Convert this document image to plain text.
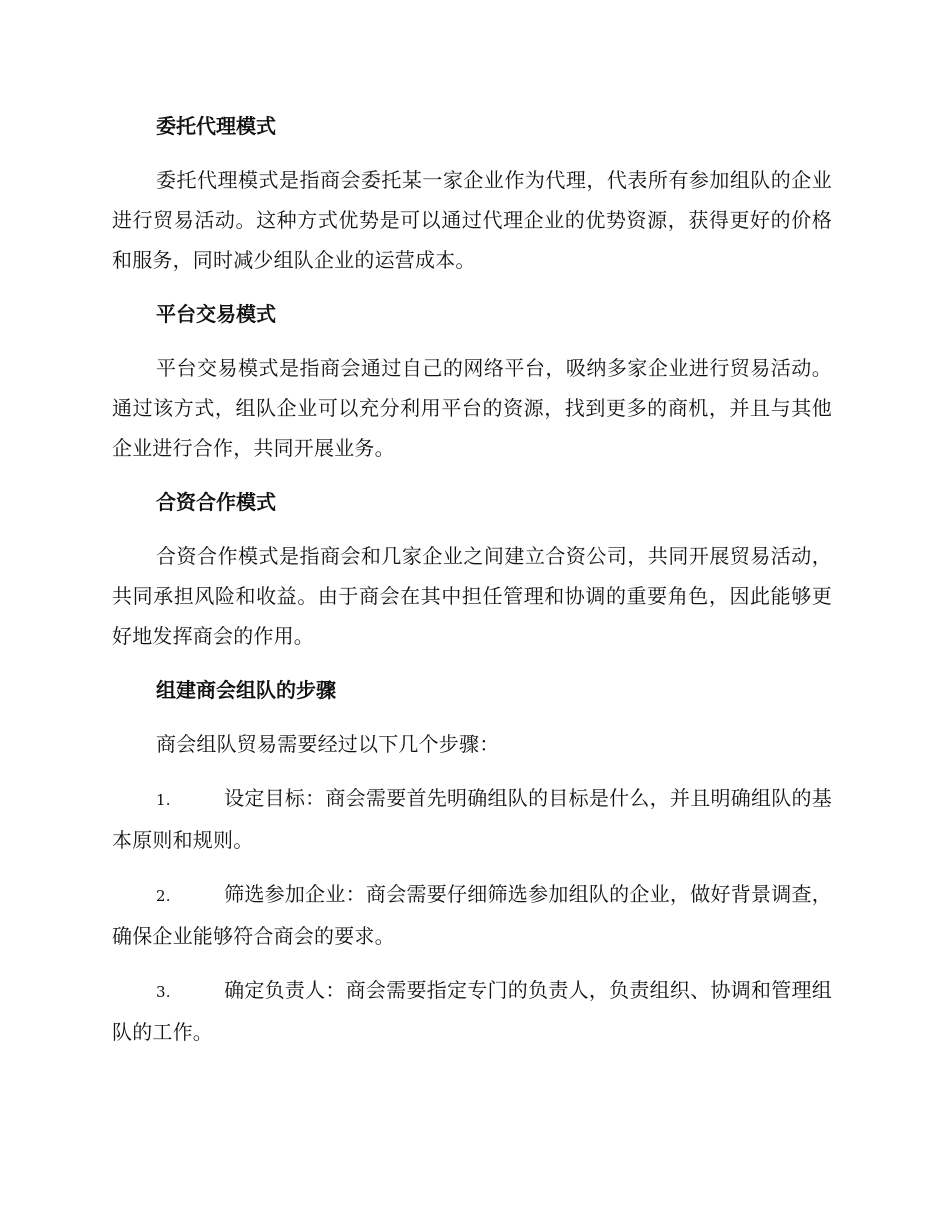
委托代理模式

委托代理模式是指商会委托某一家企业作为代理，代表所有参加组队的企业进行贸易活动。这种方式优势是可以通过代理企业的优势资源，获得更好的价格和服务，同时减少组队企业的运营成本。

平台交易模式

平台交易模式是指商会通过自己的网络平台，吸纳多家企业进行贸易活动。通过该方式，组队企业可以充分利用平台的资源，找到更多的商机，并且与其他企业进行合作，共同开展业务。

合资合作模式

合资合作模式是指商会和几家企业之间建立合资公司，共同开展贸易活动，共同承担风险和收益。由于商会在其中担任管理和协调的重要角色，因此能够更好地发挥商会的作用。

组建商会组队的步骤

商会组队贸易需要经过以下几个步骤：

1.	设定目标：商会需要首先明确组队的目标是什么，并且明确组队的基本原则和规则。

2.	筛选参加企业：商会需要仔细筛选参加组队的企业，做好背景调查，确保企业能够符合商会的要求。

3.	确定负责人：商会需要指定专门的负责人，负责组织、协调和管理组队的工作。
